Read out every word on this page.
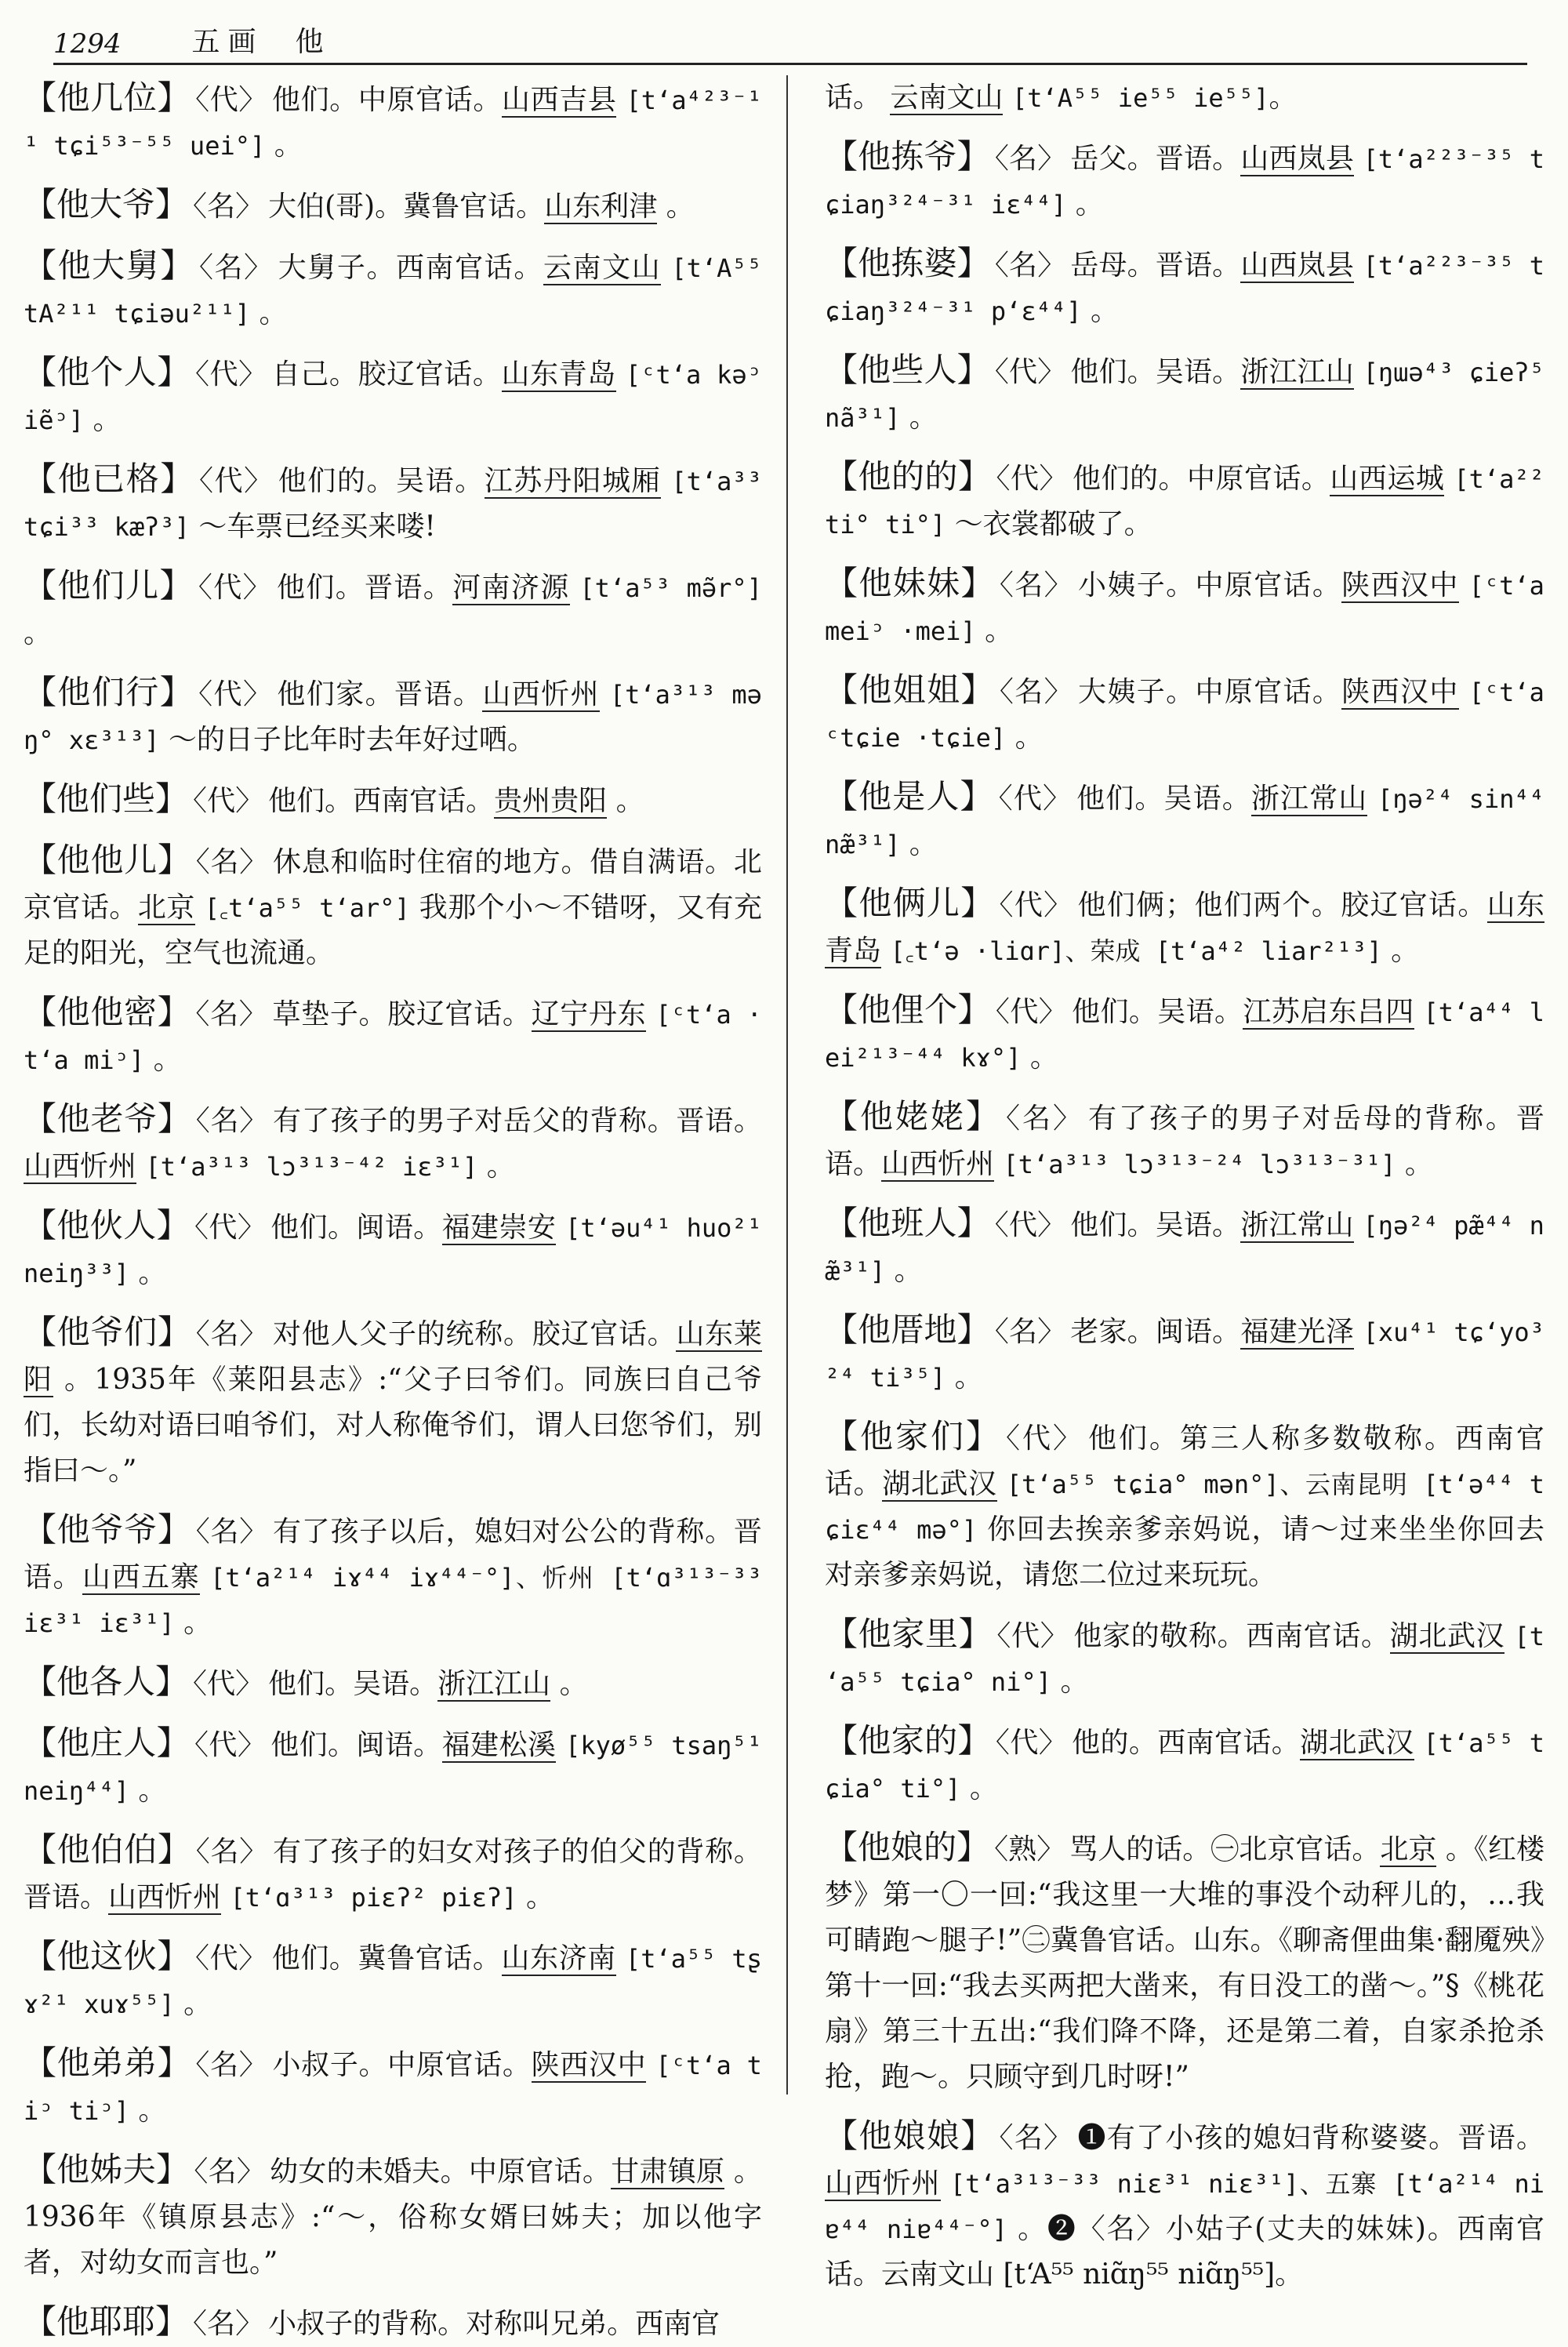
1294	五画 他
【 他几位 】 〈 代 〉 他们。中原官话。山西吉县 [tʻa⁴²³⁻¹¹ tɕi⁵³⁻⁵⁵ uei°] 。
【 他大爷 】 〈 名 〉 大伯(哥)。冀鲁官话。山东利津 。
【 他大舅 】 〈 名 〉 大舅子。西南官话。云南文山 [tʻA⁵⁵ tA²¹¹ tɕiəu²¹¹] 。
【 他个人 】 〈 代 〉 自己。胶辽官话。山东青岛 [ᶜtʻa kəᵓ iẽᵓ] 。
【 他已格 】 〈 代 〉 他们的。吴语。江苏丹阳城厢 [tʻa³³ tɕi³³ kæʔ³] ～车票已经买来喽!
【 他们儿 】 〈 代 〉 他们。晋语。河南济源 [tʻa⁵³ mə̃r°] 。
【 他们行 】 〈 代 〉 他们家。晋语。山西忻州 [tʻa³¹³ məŋ° xɛ³¹³] ～的日子比年时去年好过哂。
【 他们些 】 〈 代 〉 他们。西南官话。贵州贵阳 。
【 他他儿 】 〈 名 〉 休息和临时住宿的地方。借自满语。北京官话。北京 [꜀tʻa⁵⁵ tʻar°] 我那个小～不错呀，又有充足的阳光，空气也流通。
【 他他密 】 〈 名 〉 草垫子。胶辽官话。辽宁丹东 [ᶜtʻa ·tʻa miᵓ] 。
【 他老爷 】 〈 名 〉 有了孩子的男子对岳父的背称。晋语。山西忻州 [tʻa³¹³ lɔ³¹³⁻⁴² iɛ³¹] 。
【 他伙人 】 〈 代 〉 他们。闽语。福建崇安 [tʻəu⁴¹ huo²¹ neiŋ³³] 。
【 他爷们 】 〈 名 〉 对他人父子的统称。胶辽官话。山东莱阳 。1935年《莱阳县志》:“父子曰爷们。同族曰自己爷们，长幼对语曰咱爷们，对人称俺爷们，谓人曰您爷们，别指曰～。”
【 他爷爷 】 〈 名 〉 有了孩子以后，媳妇对公公的背称。晋语。山西五寨 [tʻa²¹⁴ iɤ⁴⁴ iɤ⁴⁴⁻°]、忻州 [tʻɑ³¹³⁻³³ iɛ³¹ iɛ³¹] 。
【 他各人 】 〈 代 〉 他们。吴语。浙江江山 。
【 他庄人 】 〈 代 〉 他们。闽语。福建松溪 [kyø⁵⁵ tsaŋ⁵¹ neiŋ⁴⁴] 。
【 他伯伯 】 〈 名 〉 有了孩子的妇女对孩子的伯父的背称。晋语。山西忻州 [tʻɑ³¹³ piɛʔ² piɛʔ] 。
【 他这伙 】 〈 代 〉 他们。冀鲁官话。山东济南 [tʻa⁵⁵ tʂɤ²¹ xuɤ⁵⁵] 。
【 他弟弟 】 〈 名 〉 小叔子。中原官话。陕西汉中 [ᶜtʻa tiᵓ tiᵓ] 。
【 他姊夫 】 〈 名 〉 幼女的未婚夫。中原官话。甘肃镇原 。1936年《镇原县志》:“～，俗称女婿曰姊夫；加以他字者，对幼女而言也。”
【 他耶耶 】 〈 名 〉 小叔子的背称。对称叫兄弟。西南官
话。 云南文山 [tʻA⁵⁵ ie⁵⁵ ie⁵⁵]。
【 他拣爷 】 〈 名 〉 岳父。晋语。山西岚县 [tʻa²²³⁻³⁵ tɕiaŋ³²⁴⁻³¹ iɛ⁴⁴] 。
【 他拣婆 】 〈 名 〉 岳母。晋语。山西岚县 [tʻa²²³⁻³⁵ tɕiaŋ³²⁴⁻³¹ pʻɛ⁴⁴] 。
【 他些人 】 〈 代 〉 他们。吴语。浙江江山 [ŋɯə⁴³ ɕieʔ⁵ nã³¹] 。
【 他的的 】 〈 代 〉 他们的。中原官话。山西运城 [tʻa²² ti° ti°] ～衣裳都破了。
【 他妹妹 】 〈 名 〉 小姨子。中原官话。陕西汉中 [ᶜtʻa meiᵓ ·mei] 。
【 他姐姐 】 〈 名 〉 大姨子。中原官话。陕西汉中 [ᶜtʻa ᶜtɕie ·tɕie] 。
【 他是人 】 〈 代 〉 他们。吴语。浙江常山 [ŋə²⁴ sin⁴⁴ næ̃³¹] 。
【 他俩儿 】 〈 代 〉 他们俩；他们两个。胶辽官话。山东青岛 [꜀tʻə ·liɑr]、荣成 [tʻa⁴² liar²¹³] 。
【 他俚个 】 〈 代 〉 他们。吴语。江苏启东吕四 [tʻa⁴⁴ lei²¹³⁻⁴⁴ kɤ°] 。
【 他姥姥 】 〈 名 〉 有了孩子的男子对岳母的背称。晋语。山西忻州 [tʻa³¹³ lɔ³¹³⁻²⁴ lɔ³¹³⁻³¹] 。
【 他班人 】 〈 代 〉 他们。吴语。浙江常山 [ŋə²⁴ pæ̃⁴⁴ næ̃³¹] 。
【 他厝地 】 〈 名 〉 老家。闽语。福建光泽 [xu⁴¹ tɕʻyo³²⁴ ti³⁵] 。
【 他家们 】 〈 代 〉 他们。第三人称多数敬称。西南官话。湖北武汉 [tʻa⁵⁵ tɕia° mən°]、云南昆明 [tʻə⁴⁴ tɕiɛ⁴⁴ mə°] 你回去挨亲爹亲妈说，请～过来坐坐你回去对亲爹亲妈说，请您二位过来玩玩。
【 他家里 】 〈 代 〉 他家的敬称。西南官话。湖北武汉 [tʻa⁵⁵ tɕia° ni°] 。
【 他家的 】 〈 代 〉 他的。西南官话。湖北武汉 [tʻa⁵⁵ tɕia° ti°] 。
【 他娘的 】 〈 熟 〉 骂人的话。㊀北京官话。北京 。《红楼梦》第一〇一回:“我这里一大堆的事没个动秤儿的，…我可睛跑～腿子!”㊁冀鲁官话。山东。《聊斋俚曲集·翻魇殃》第十一回:“我去买两把大凿来，有日没工的凿～。”§《桃花扇》第三十五出:“我们降不降，还是第二着，自家杀抢杀抢，跑～。只顾守到几时呀!”
【 他娘娘 】 〈 名 〉 ❶有了小孩的媳妇背称婆婆。晋语。山西忻州 [tʻa³¹³⁻³³ niɛ³¹ niɛ³¹]、五寨 [tʻa²¹⁴ niɐ⁴⁴ niɐ⁴⁴⁻°] 。❷〈名〉小姑子(丈夫的妹妹)。西南官话。云南文山 [tʻA⁵⁵ niɑ̃ŋ⁵⁵ niɑ̃ŋ⁵⁵]。
